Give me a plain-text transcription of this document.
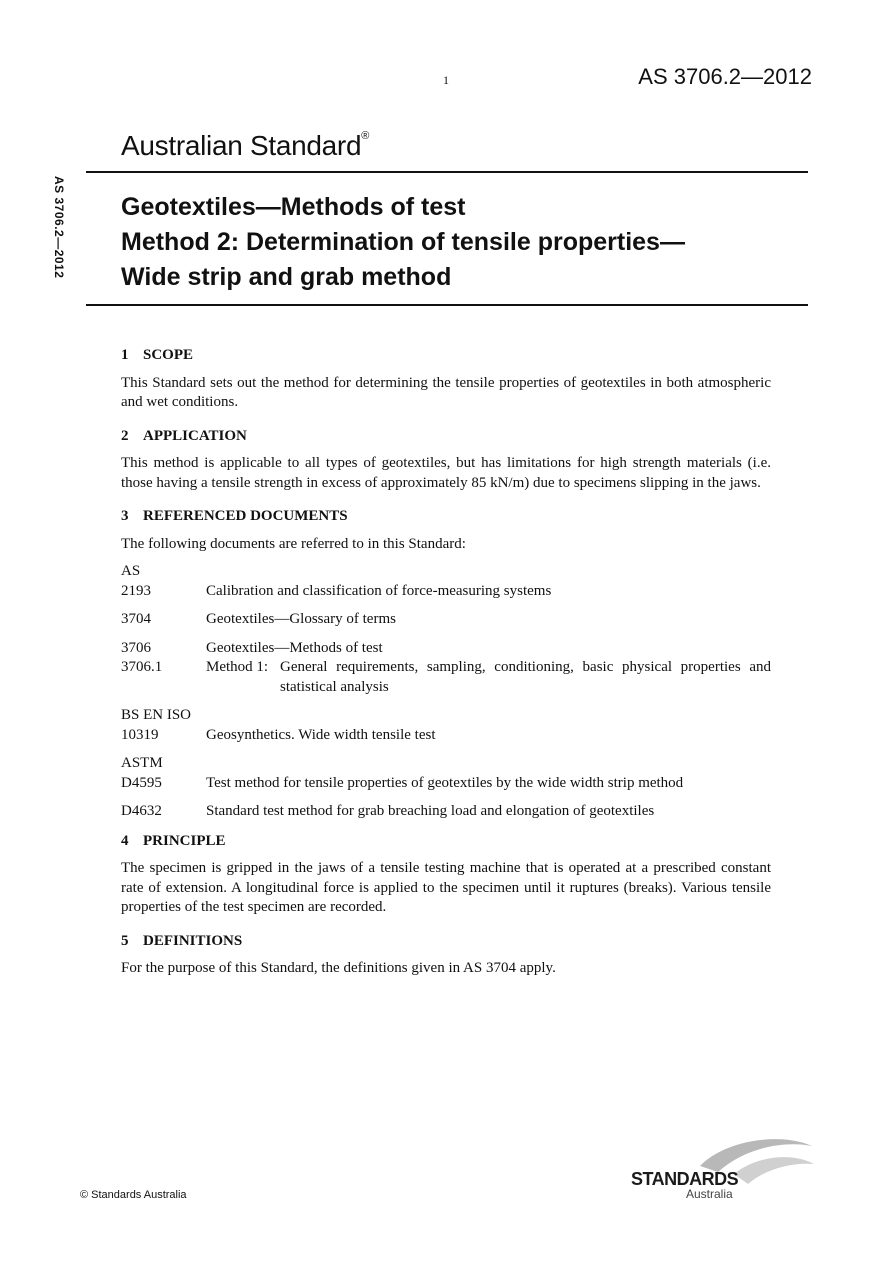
1	AS 3706.2—2012
Australian Standard®
AS 3706.2—2012 Geotextiles—Methods of test
Method 2: Determination of tensile properties—
Wide strip and grab method
1 SCOPE

This Standard sets out the method for determining the tensile properties of geotextiles in both atmospheric and wet conditions.

2 APPLICATION

This method is applicable to all types of geotextiles, but has limitations for high strength materials (i.e. those having a tensile strength in excess of approximately 85 kN/m) due to specimens slipping in the jaws.

3 REFERENCED DOCUMENTS

The following documents are referred to in this Standard:

AS
2193	Calibration and classification of force-measuring systems
3704	Geotextiles—Glossary of terms
3706	Geotextiles—Methods of test
3706.1	Method 1: General requirements, sampling, conditioning, basic physical properties and statistical analysis
BS EN ISO
10319	Geosynthetics. Wide width tensile test
ASTM
D4595	Test method for tensile properties of geotextiles by the wide width strip method
D4632	Standard test method for grab breaching load and elongation of geotextiles
4 PRINCIPLE

The specimen is gripped in the jaws of a tensile testing machine that is operated at a prescribed constant rate of extension. A longitudinal force is applied to the specimen until it ruptures (breaks). Various tensile properties of the test specimen are recorded.

5 DEFINITIONS

For the purpose of this Standard, the definitions given in AS 3704 apply.

© Standards Australia
STANDARDS
Australia
